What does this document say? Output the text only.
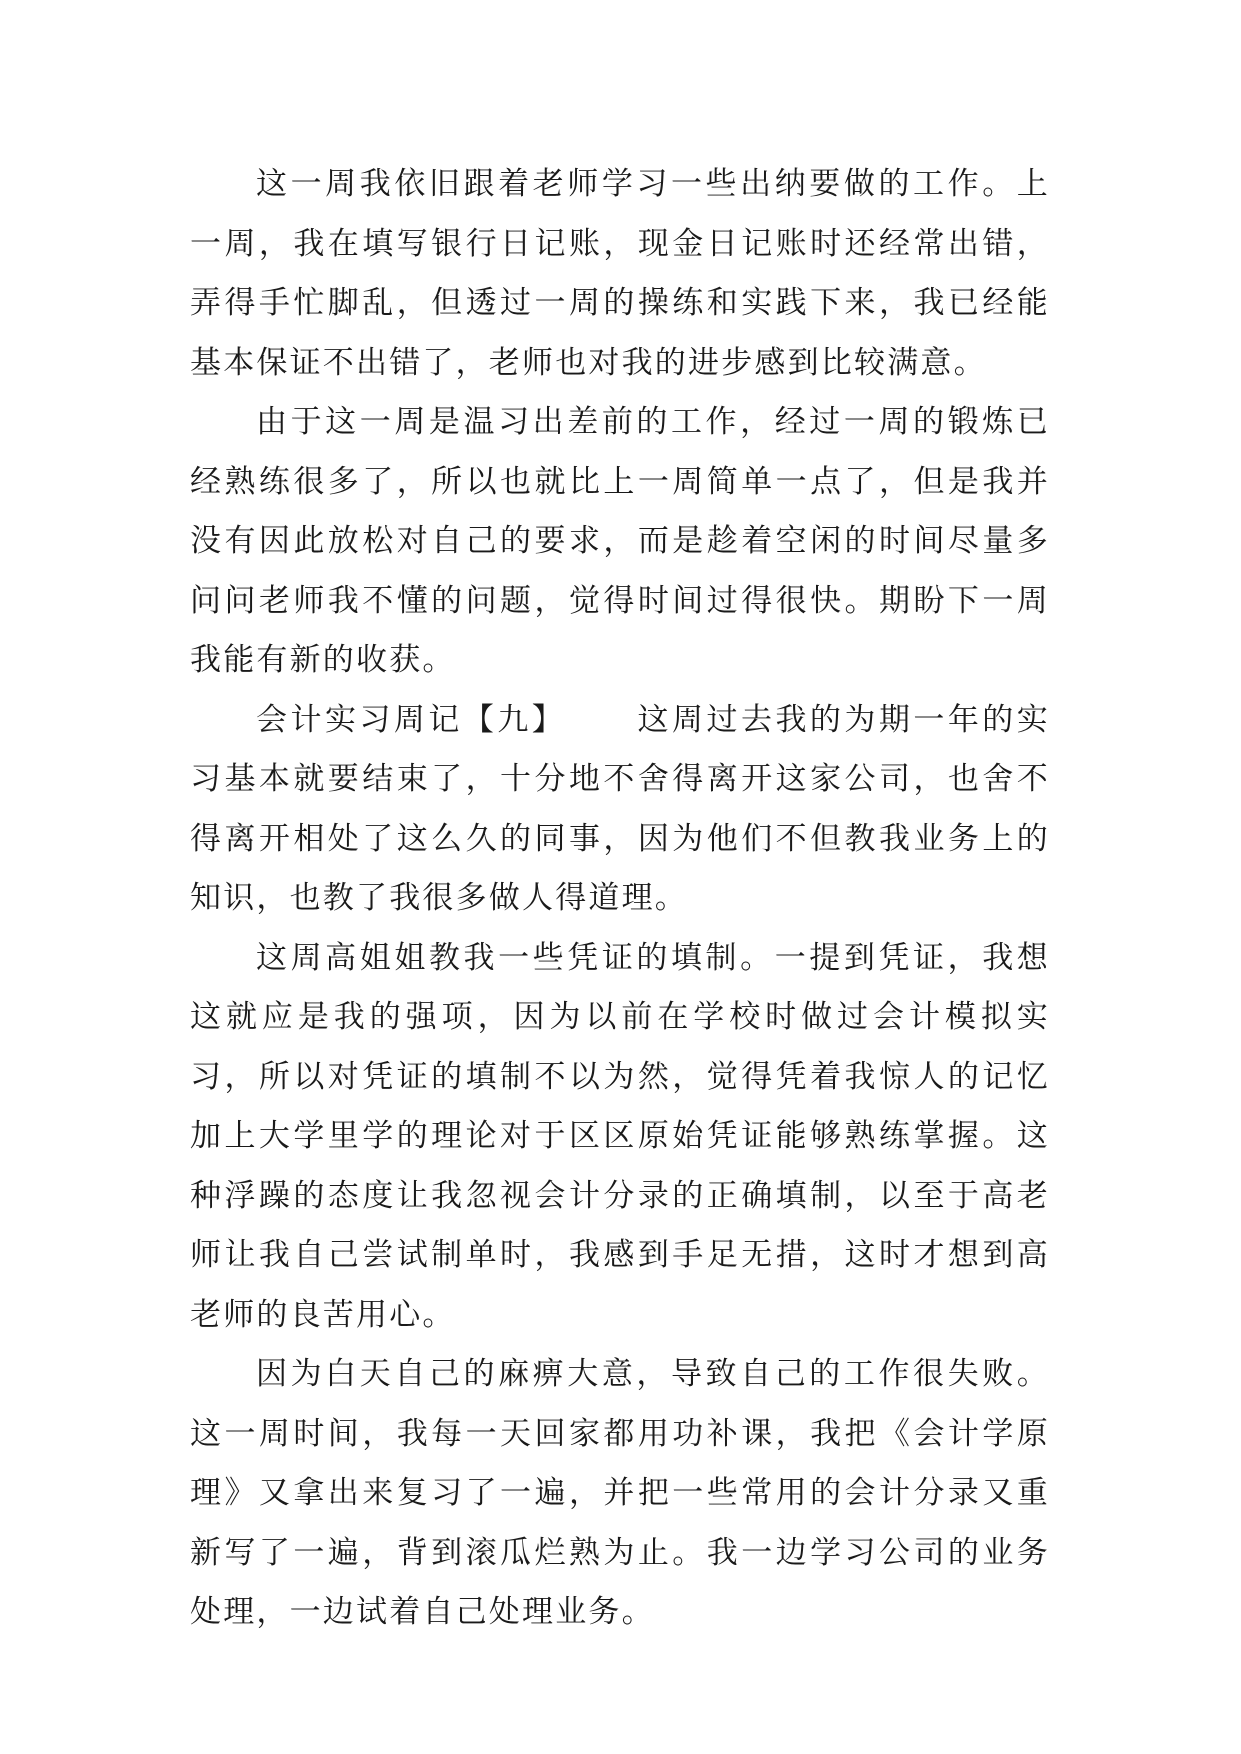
这一周我依旧跟着老师学习一些出纳要做的工作。上一周，我在填写银行日记账，现金日记账时还经常出错，弄得手忙脚乱，但透过一周的操练和实践下来，我已经能基本保证不出错了，老师也对我的进步感到比较满意。

由于这一周是温习出差前的工作，经过一周的锻炼已经熟练很多了，所以也就比上一周简单一点了，但是我并没有因此放松对自己的要求，而是趁着空闲的时间尽量多问问老师我不懂的问题，觉得时间过得很快。期盼下一周我能有新的收获。

会计实习周记【九】 这周过去我的为期一年的实习基本就要结束了，十分地不舍得离开这家公司，也舍不得离开相处了这么久的同事，因为他们不但教我业务上的知识，也教了我很多做人得道理。

这周高姐姐教我一些凭证的填制。一提到凭证，我想这就应是我的强项，因为以前在学校时做过会计模拟实习，所以对凭证的填制不以为然，觉得凭着我惊人的记忆加上大学里学的理论对于区区原始凭证能够熟练掌握。这种浮躁的态度让我忽视会计分录的正确填制，以至于高老师让我自己尝试制单时，我感到手足无措，这时才想到高老师的良苦用心。

因为白天自己的麻痹大意，导致自己的工作很失败。这一周时间，我每一天回家都用功补课，我把《会计学原理》又拿出来复习了一遍，并把一些常用的会计分录又重新写了一遍，背到滚瓜烂熟为止。我一边学习公司的业务处理，一边试着自己处理业务。
